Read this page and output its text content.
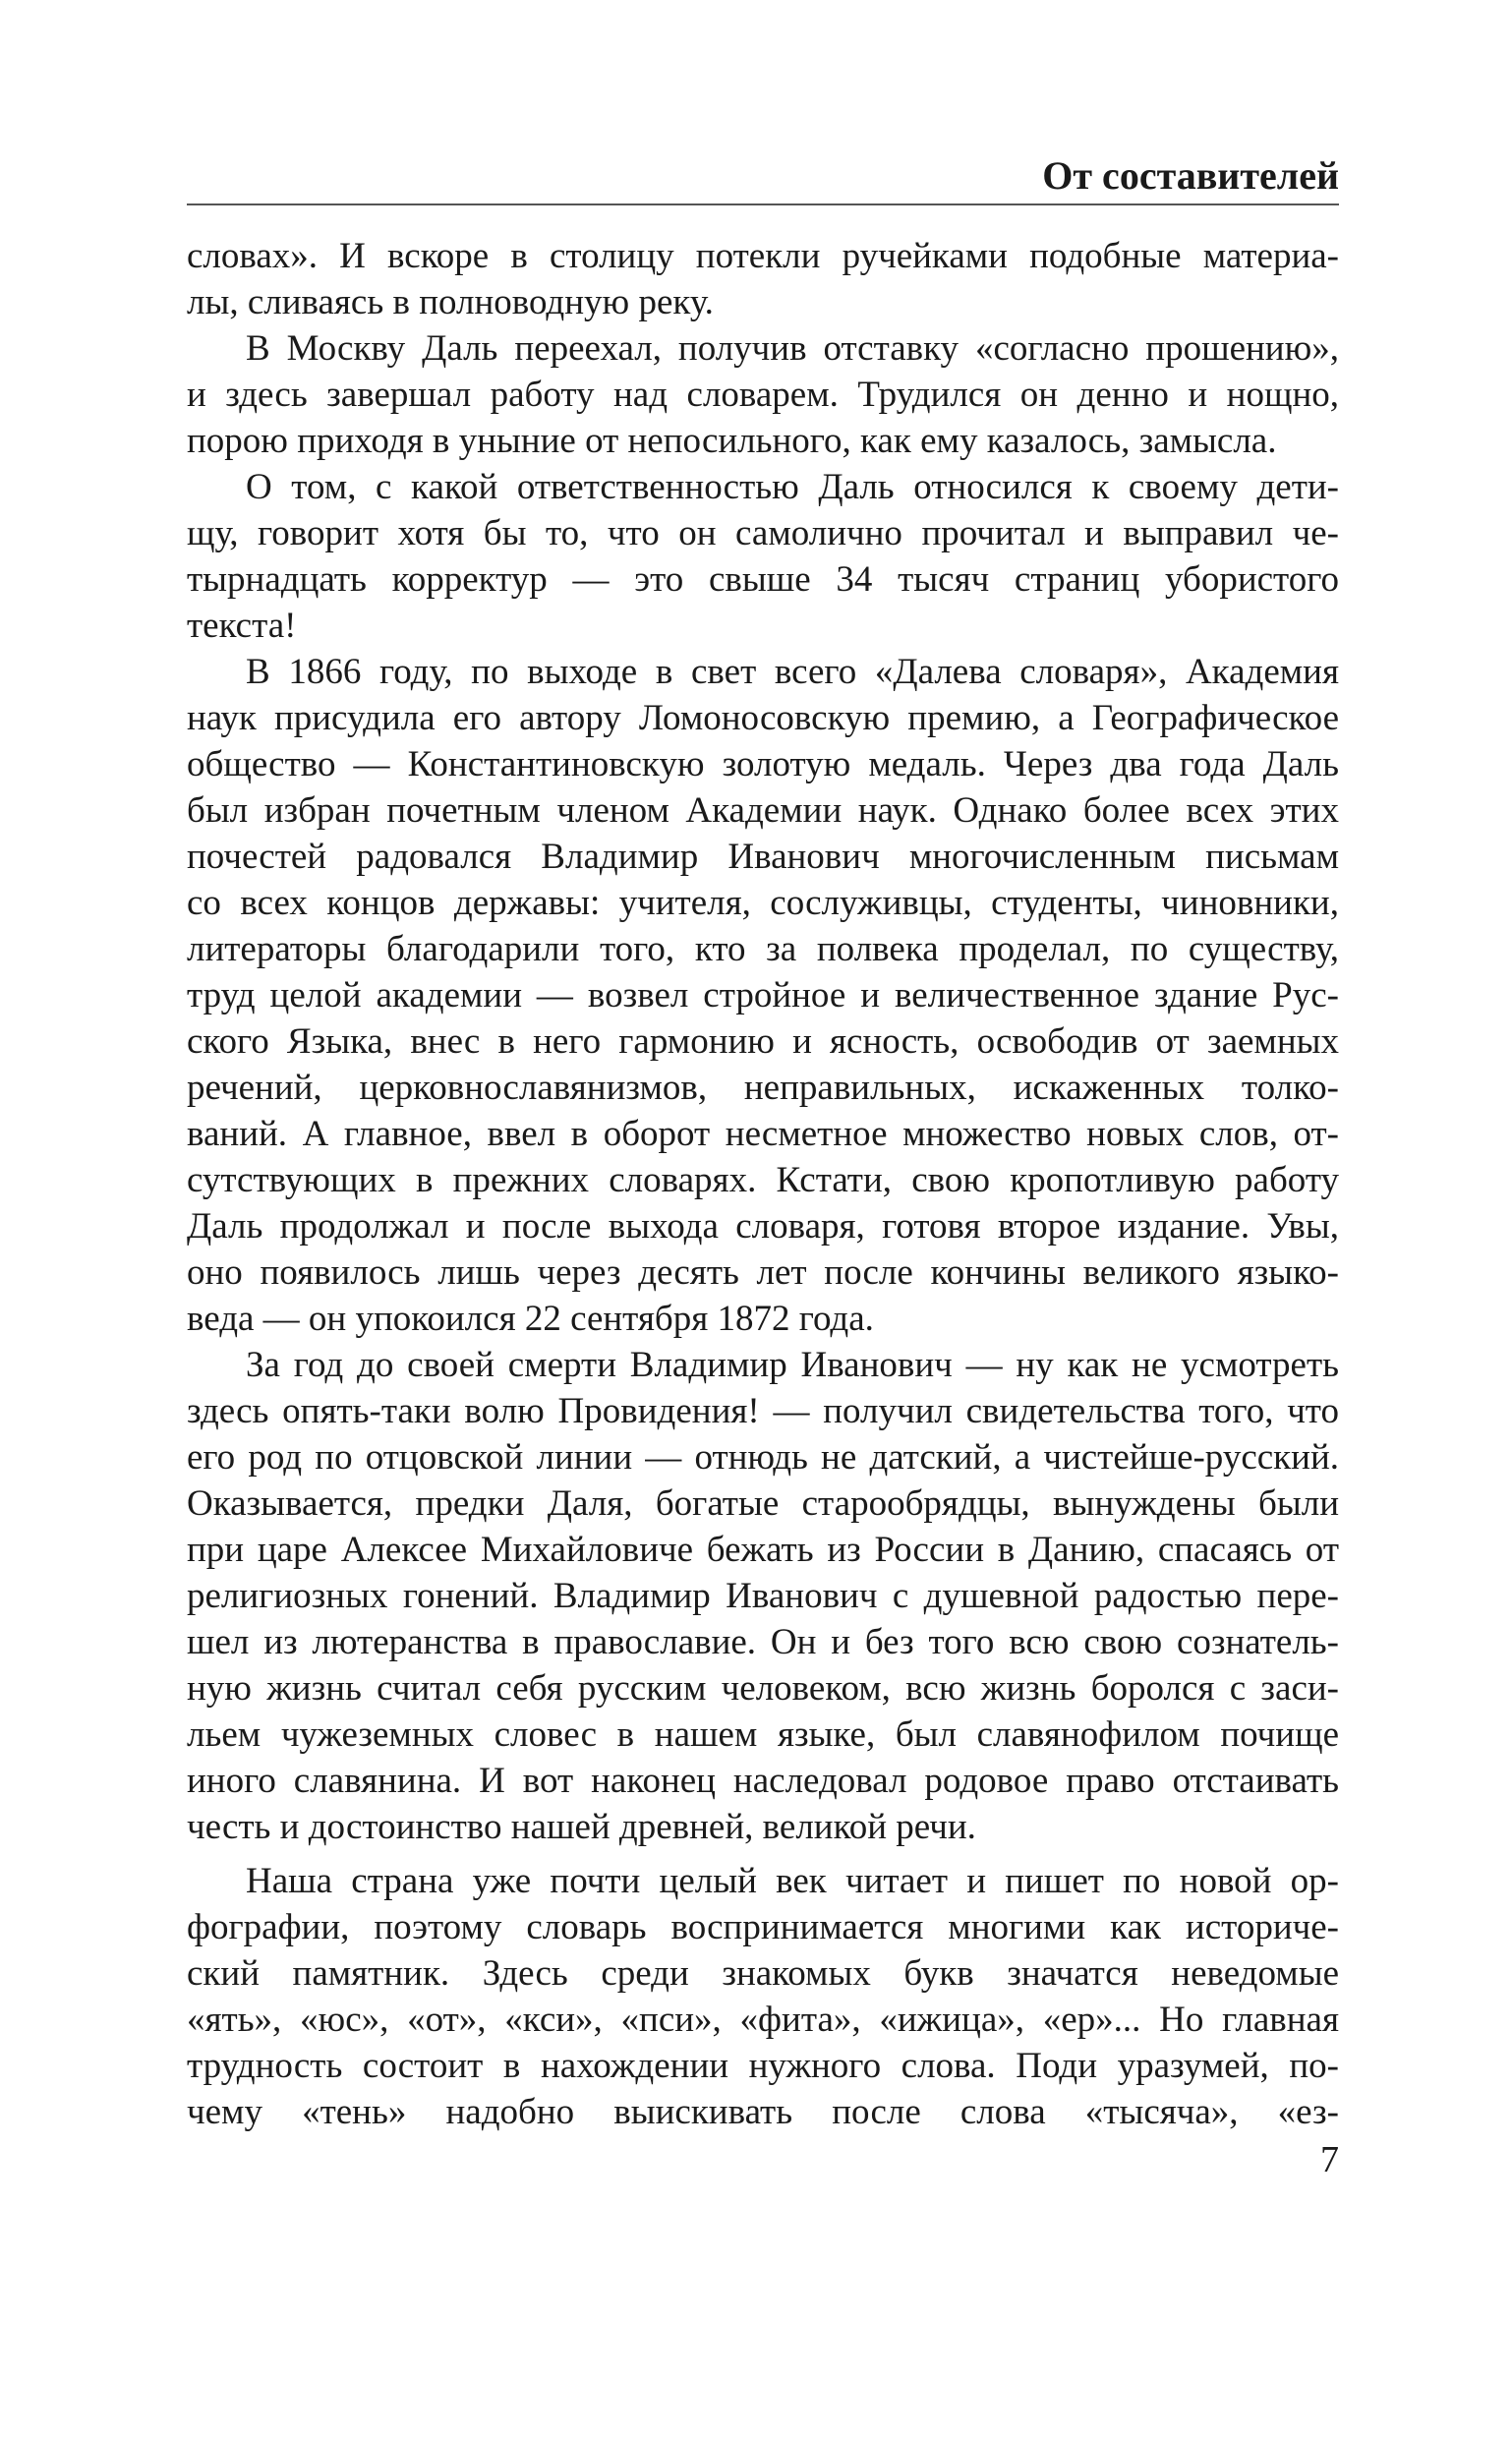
От составителей
словах». И вскоре в столицу потекли ручейками подобные материа-
лы, сливаясь в полноводную реку.
В Москву Даль переехал, получив отставку «согласно прошению»,
и здесь завершал работу над словарем. Трудился он денно и нощно,
порою приходя в уныние от непосильного, как ему казалось, замысла.
О том, с какой ответственностью Даль относился к своему дети-
щу, говорит хотя бы то, что он самолично прочитал и выправил че-
тырнадцать корректур — это свыше 34 тысяч страниц убористого
текста!
В 1866 году, по выходе в свет всего «Далева словаря», Академия
наук присудила его автору Ломоносовскую премию, а Географическое
общество — Константиновскую золотую медаль. Через два года Даль
был избран почетным членом Академии наук. Однако более всех этих
почестей радовался Владимир Иванович многочисленным письмам
со всех концов державы: учителя, сослуживцы, студенты, чиновники,
литераторы благодарили того, кто за полвека проделал, по существу,
труд целой академии — возвел стройное и величественное здание Рус-
ского Языка, внес в него гармонию и ясность, освободив от заемных
речений, церковнославянизмов, неправильных, искаженных толко-
ваний. А главное, ввел в оборот несметное множество новых слов, от-
сутствующих в прежних словарях. Кстати, свою кропотливую работу
Даль продолжал и после выхода словаря, готовя второе издание. Увы,
оно появилось лишь через десять лет после кончины великого языко-
веда — он упокоился 22 сентября 1872 года.
За год до своей смерти Владимир Иванович — ну как не усмотреть
здесь опять-таки волю Провидения! — получил свидетельства того, что
его род по отцовской линии — отнюдь не датский, а чистейше-русский.
Оказывается, предки Даля, богатые старообрядцы, вынуждены были
при царе Алексее Михайловиче бежать из России в Данию, спасаясь от
религиозных гонений. Владимир Иванович с душевной радостью пере-
шел из лютеранства в православие. Он и без того всю свою сознатель-
ную жизнь считал себя русским человеком, всю жизнь боролся с заси-
льем чужеземных словес в нашем языке, был славянофилом почище
иного славянина. И вот наконец наследовал родовое право отстаивать
честь и достоинство нашей древней, великой речи.
Наша страна уже почти целый век читает и пишет по новой ор-
фографии, поэтому словарь воспринимается многими как историче-
ский памятник. Здесь среди знакомых букв значатся неведомые
«ять», «юс», «от», «кси», «пси», «фита», «ижица», «ер»... Но главная
трудность состоит в нахождении нужного слова. Поди уразумей, по-
чему «тень» надобно выискивать после слова «тысяча», «ез-
7
